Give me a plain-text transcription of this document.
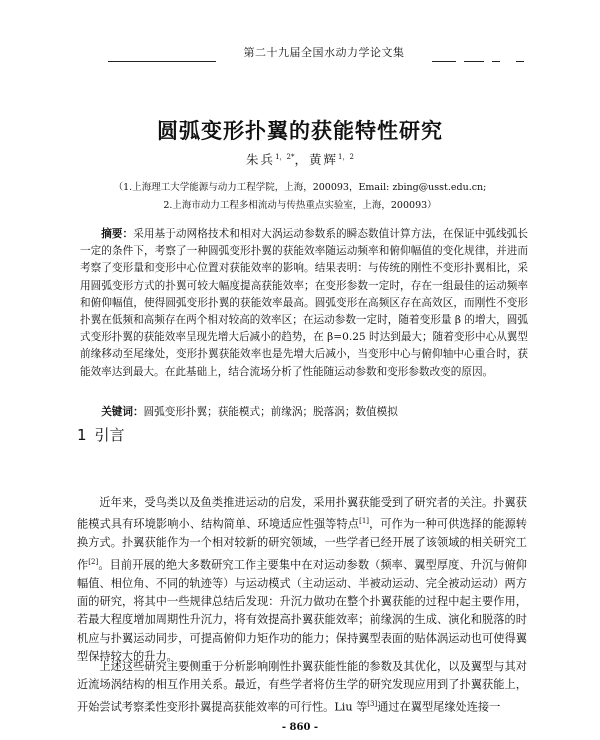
第二十九届全国水动力学论文集
圆弧变形扑翼的获能特性研究
朱兵$^{1,2*}$，黄辉$^{1,2}$
（1.上海理工大学能源与动力工程学院，上海，200093，Email: zbing@usst.edu.cn;
2.上海市动力工程多相流动与传热重点实验室，上海，200093）
摘要：采用基于动网格技术和相对大涡运动参数系的瞬态数值计算方法，在保证中弧线弧长一定的条件下，考察了一种圆弧变形扑翼的获能效率随运动频率和俯仰幅值的变化规律，并进而考察了变形量和变形中心位置对获能效率的影响。结果表明：与传统的刚性不变形扑翼相比，采用圆弧变形方式的扑翼可较大幅度提高获能效率；在变形参数一定时，存在一组最佳的运动频率和俯仰幅值，使得圆弧变形扑翼的获能效率最高。圆弧变形在高频区存在高效区，而刚性不变形扑翼在低频和高频存在两个相对较高的效率区；在运动参数一定时，随着变形量 β 的增大，圆弧式变形扑翼的获能效率呈现先增大后减小的趋势，在 β=0.25 时达到最大；随着变形中心从翼型前缘移动至尾缘处，变形扑翼获能效率也是先增大后减小，当变形中心与俯仰轴中心重合时，获能效率达到最大。在此基础上，结合流场分析了性能随运动参数和变形参数改变的原因。
关键词：圆弧变形扑翼；获能模式；前缘涡；脱落涡；数值模拟
1 引言
近年来，受鸟类以及鱼类推进运动的启发，采用扑翼获能受到了研究者的关注。扑翼获能模式具有环境影响小、结构简单、环境适应性强等特点[1]，可作为一种可供选择的能源转换方式。扑翼获能作为一个相对较新的研究领域，一些学者已经开展了该领域的相关研究工作[2]。目前开展的绝大多数研究工作主要集中在对运动参数（频率、翼型厚度、升沉与俯仰幅值、相位角、不同的轨迹等）与运动模式（主动运动、半被动运动、完全被动运动）两方面的研究，将其中一些规律总结后发现：升沉力做功在整个扑翼获能的过程中起主要作用，若最大程度增加周期性升沉力，将有效提高扑翼获能效率；前缘涡的生成、演化和脱落的时机应与扑翼运动同步，可提高俯仰力矩作功的能力；保持翼型表面的贴体涡运动也可使得翼型保持较大的升力。
上述这些研究主要侧重于分析影响刚性扑翼获能性能的参数及其优化，以及翼型与其对近流场涡结构的相互作用关系。最近，有些学者将仿生学的研究发现应用到了扑翼获能上，开始尝试考察柔性变形扑翼提高获能效率的可行性。Liu 等[3]通过在翼型尾缘处连接一
- 860 -
